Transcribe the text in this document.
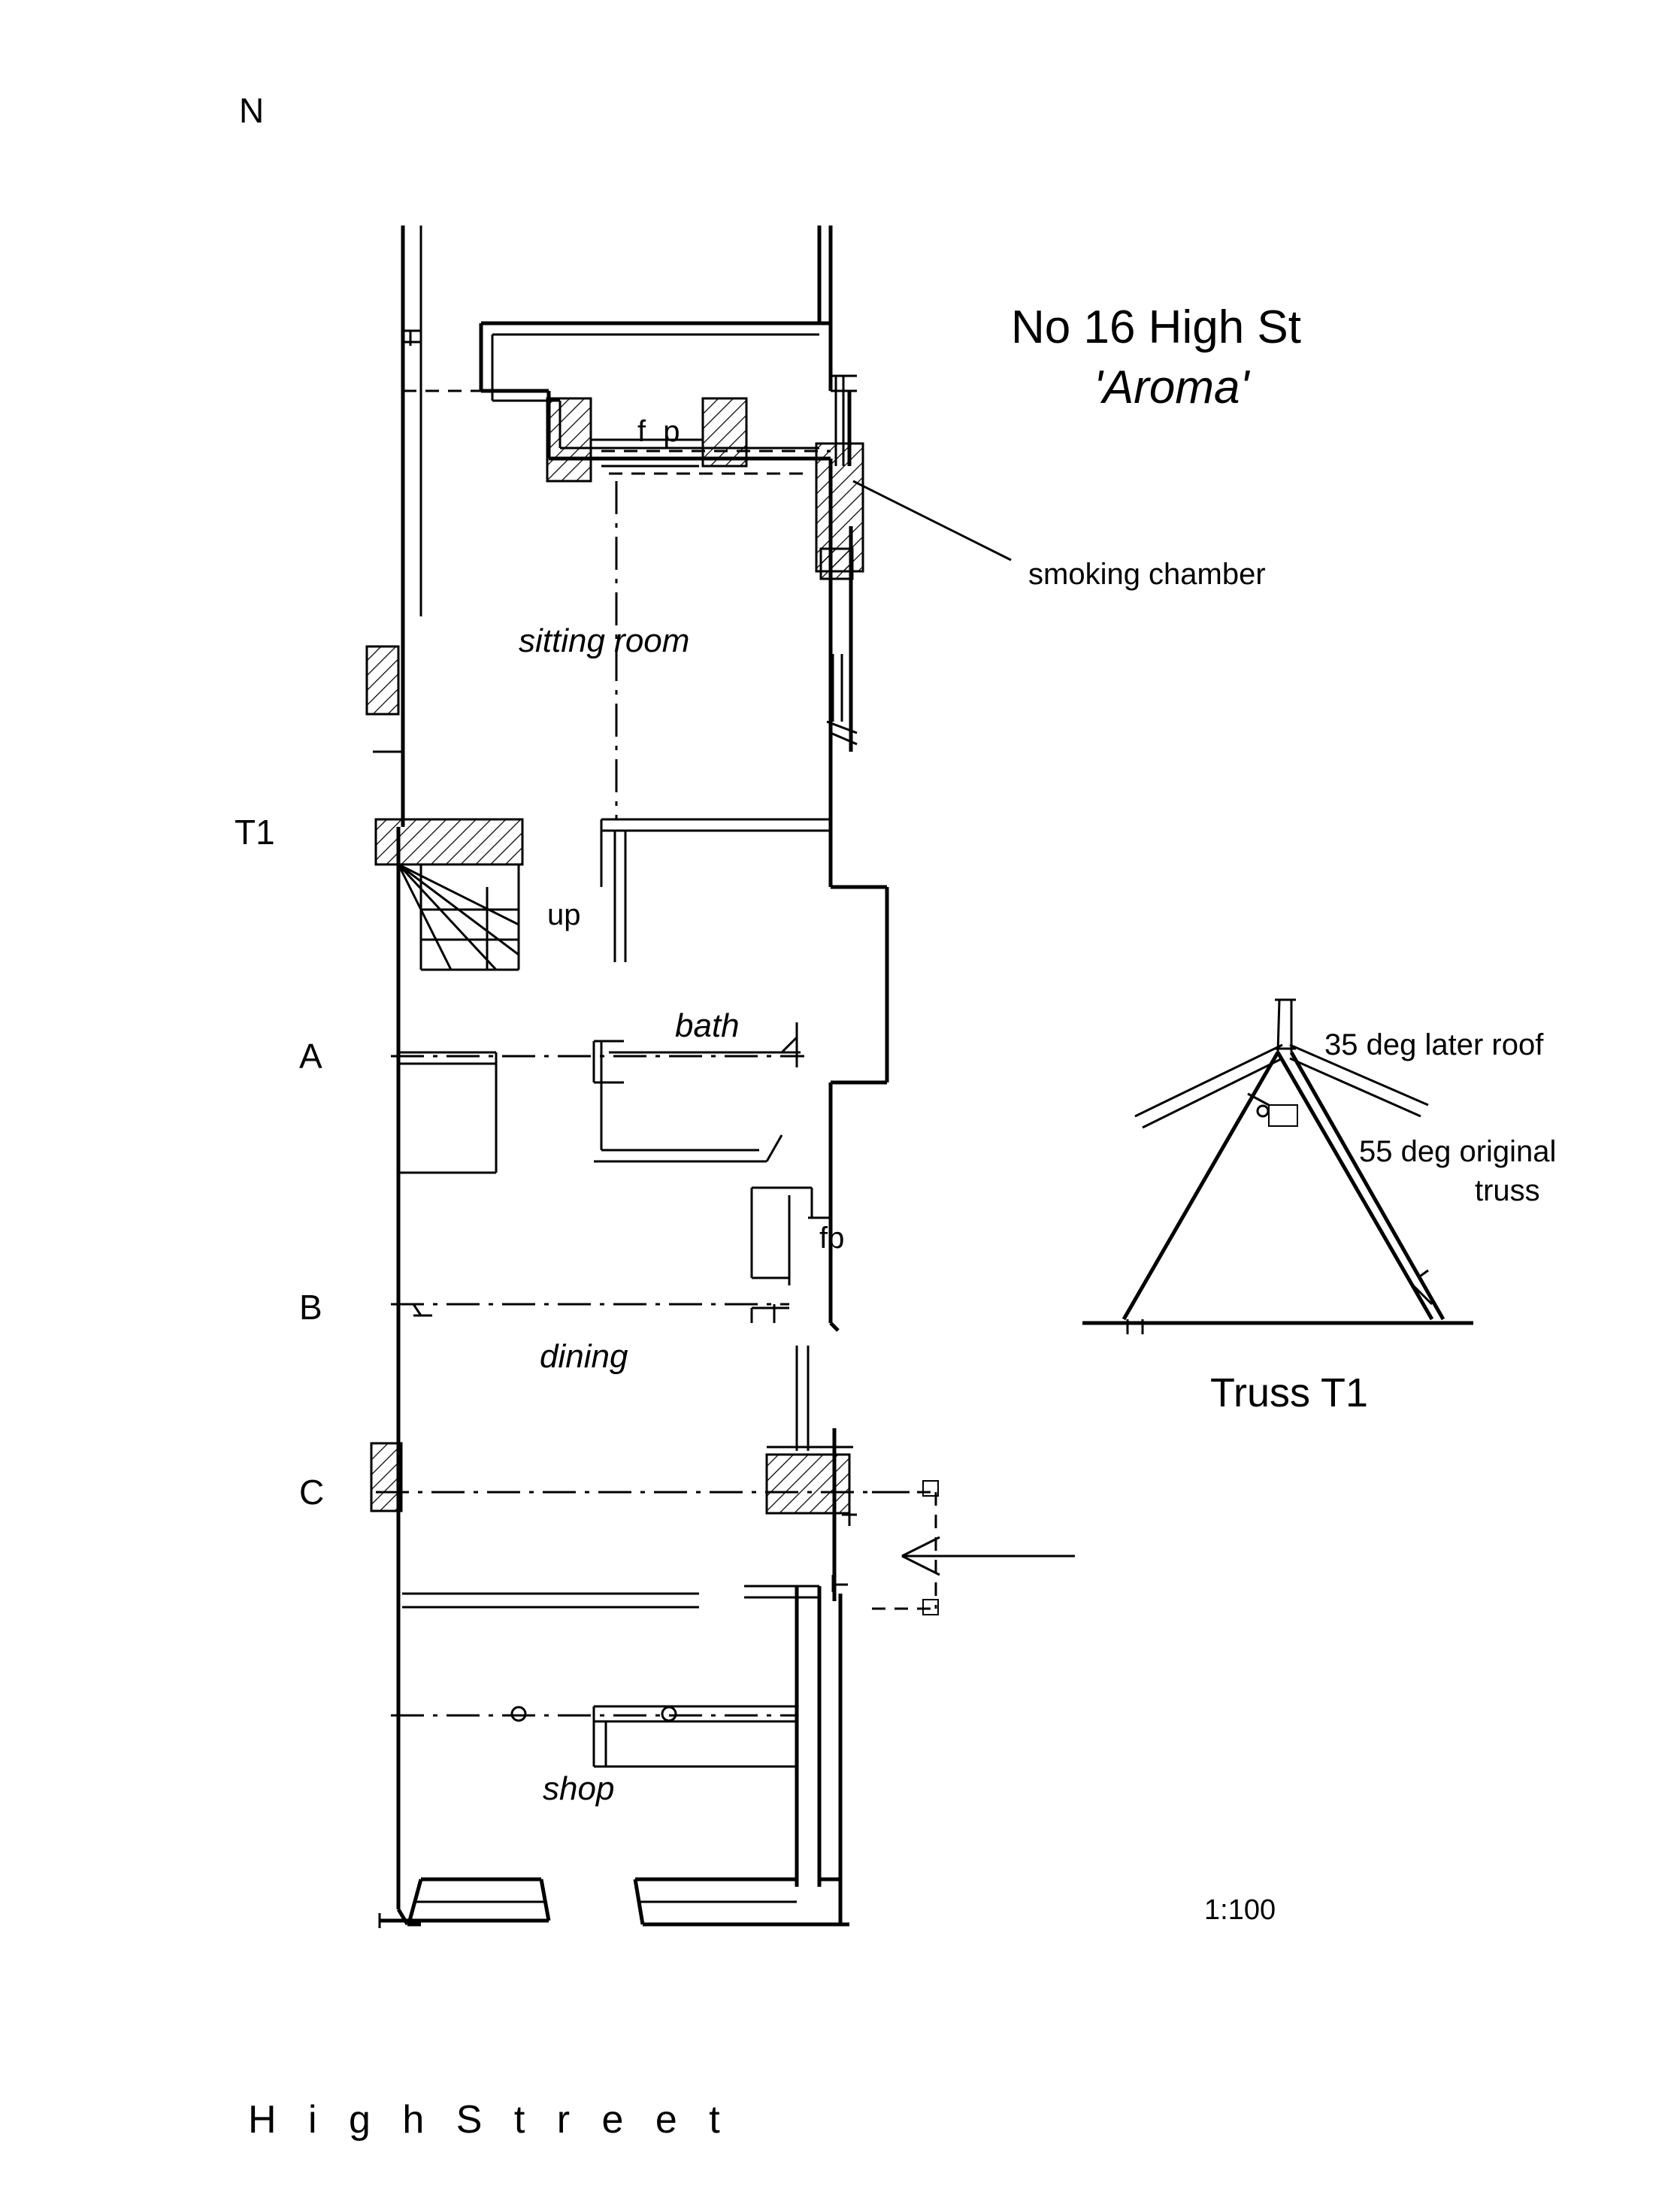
N
No 16 High St
'Aroma'
smoking chamber
sitting room
f p
fp
up
bath
dining
shop
T1
A
B
C
35 deg later roof
55 deg original
truss
Truss T1
1:100
H i g h S t r e e t
